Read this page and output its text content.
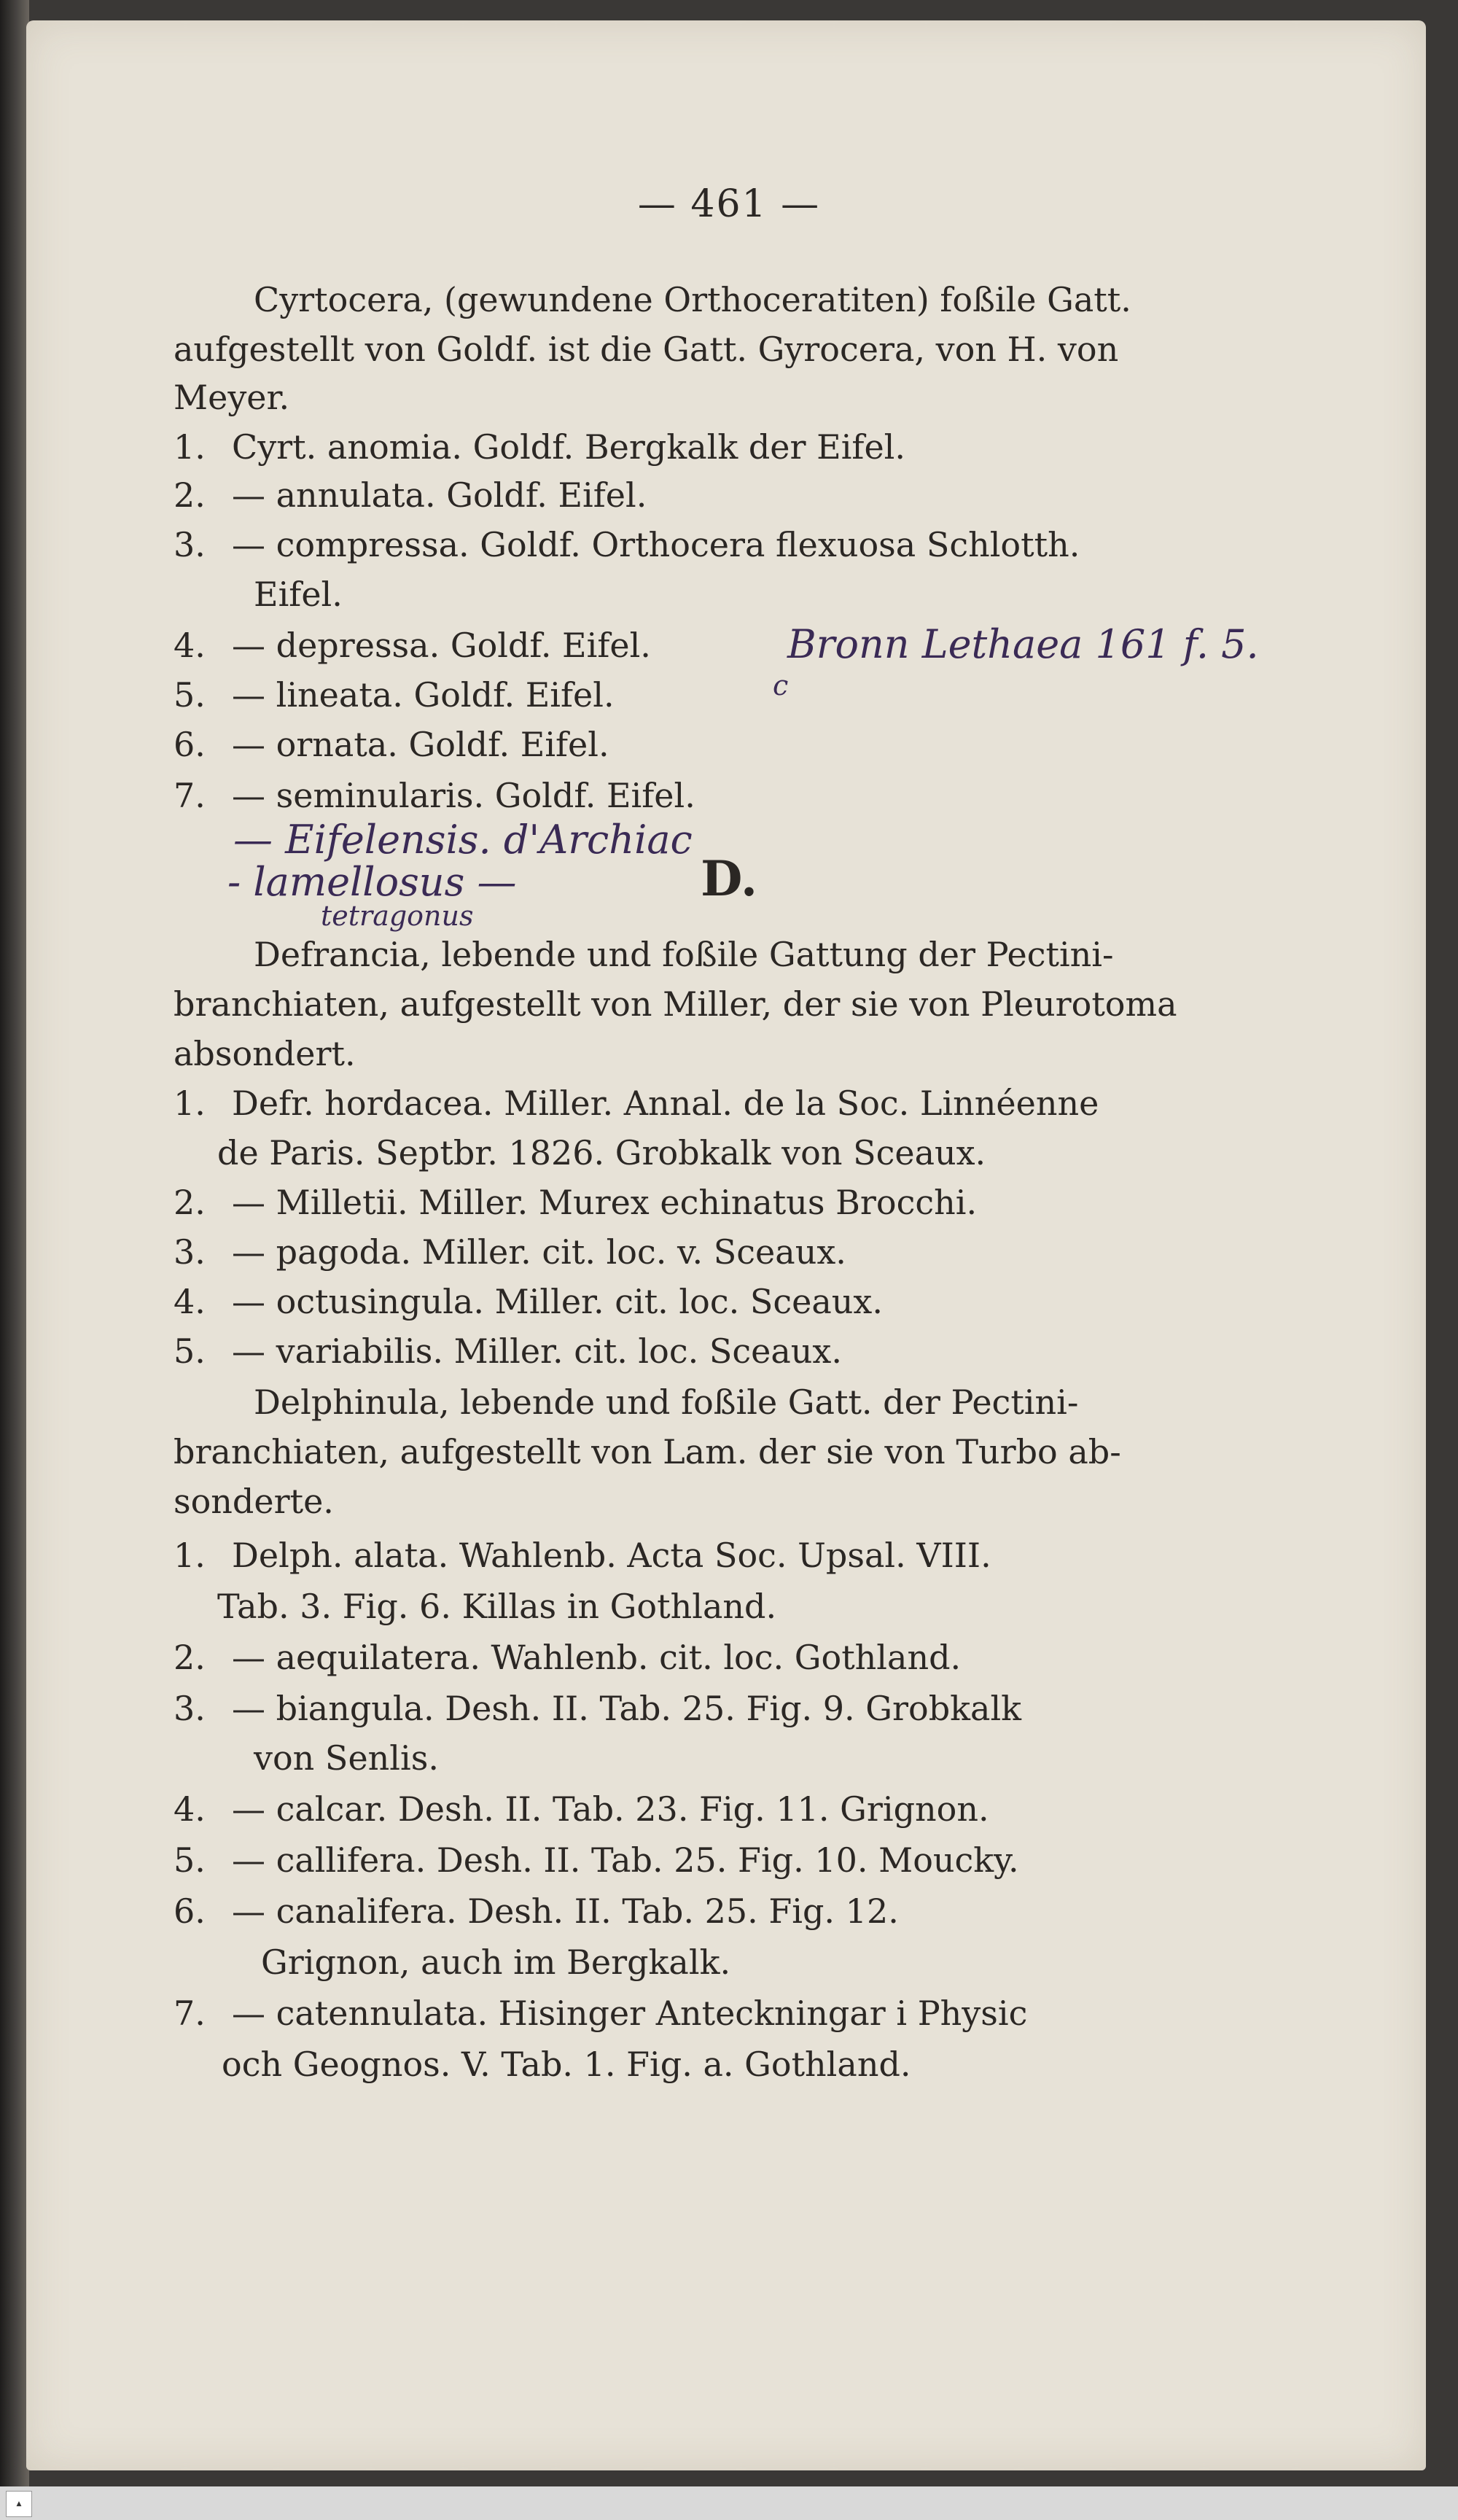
— 461 —
Cyrtocera, (gewundene Orthoceratiten) foßile Gatt.
aufgestellt von Goldf. ist die Gatt. Gyrocera, von H. von
Meyer.
1. Cyrt. anomia. Goldf. Bergkalk der Eifel.
2. — annulata. Goldf. Eifel.
3. — compressa. Goldf. Orthocera flexuosa Schlotth.
Eifel.
4. — depressa. Goldf. Eifel.
5. — lineata. Goldf. Eifel.
6. — ornata. Goldf. Eifel.
7. — seminularis. Goldf. Eifel.
Bronn Lethaea 161 f. 5.
c
— Eifelensis. d'Archiac
- lamellosus —
tetragonus
D.
Defrancia, lebende und foßile Gattung der Pectini-
branchiaten, aufgestellt von Miller, der sie von Pleurotoma
absondert.
1. Defr. hordacea. Miller. Annal. de la Soc. Linnéenne
de Paris. Septbr. 1826. Grobkalk von Sceaux.
2. — Milletii. Miller. Murex echinatus Brocchi.
3. — pagoda. Miller. cit. loc. v. Sceaux.
4. — octusingula. Miller. cit. loc. Sceaux.
5. — variabilis. Miller. cit. loc. Sceaux.
Delphinula, lebende und foßile Gatt. der Pectini-
branchiaten, aufgestellt von Lam. der sie von Turbo ab-
sonderte.
1. Delph. alata. Wahlenb. Acta Soc. Upsal. VIII.
Tab. 3. Fig. 6. Killas in Gothland.
2. — aequilatera. Wahlenb. cit. loc. Gothland.
3. — biangula. Desh. II. Tab. 25. Fig. 9. Grobkalk
von Senlis.
4. — calcar. Desh. II. Tab. 23. Fig. 11. Grignon.
5. — callifera. Desh. II. Tab. 25. Fig. 10. Moucky.
6. — canalifera. Desh. II. Tab. 25. Fig. 12.
Grignon, auch im Bergkalk.
7. — catennulata. Hisinger Anteckningar i Physic
och Geognos. V. Tab. 1. Fig. a. Gothland.
▲
